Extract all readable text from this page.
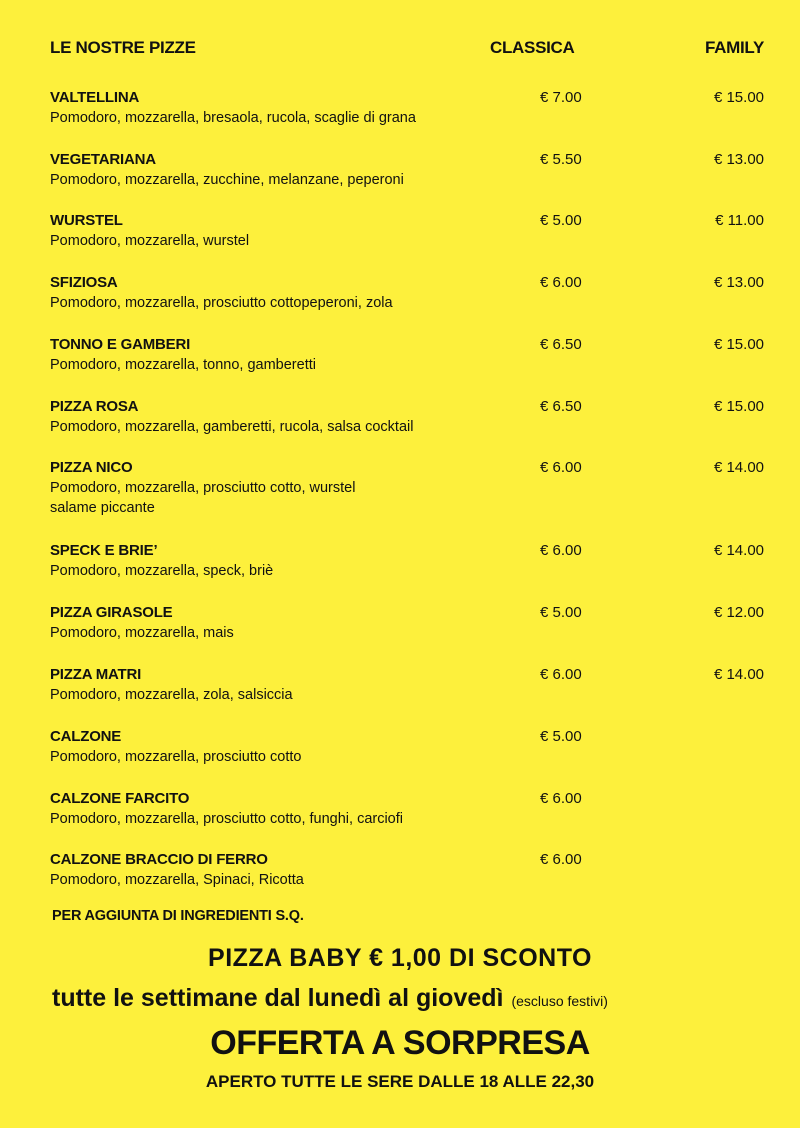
LE NOSTRE PIZZE	CLASSICA	FAMILY
VALTELLINA
Pomodoro, mozzarella, bresaola, rucola, scaglie di grana
€ 7.00	€ 15.00
VEGETARIANA
Pomodoro, mozzarella, zucchine, melanzane, peperoni
€ 5.50	€ 13.00
WURSTEL
Pomodoro, mozzarella, wurstel
€ 5.00	€ 11.00
SFIZIOSA
Pomodoro, mozzarella, prosciutto cottopeperoni, zola
€ 6.00	€ 13.00
TONNO E GAMBERI
Pomodoro, mozzarella, tonno, gamberetti
€ 6.50	€ 15.00
PIZZA ROSA
Pomodoro, mozzarella, gamberetti, rucola, salsa cocktail
€ 6.50	€ 15.00
PIZZA NICO
Pomodoro, mozzarella, prosciutto cotto, wurstel
salame piccante
€ 6.00	€ 14.00
SPECK E BRIE’
Pomodoro, mozzarella, speck, briè
€ 6.00	€ 14.00
PIZZA GIRASOLE
Pomodoro, mozzarella, mais
€ 5.00	€ 12.00
PIZZA MATRI
Pomodoro, mozzarella, zola, salsiccia
€ 6.00	€ 14.00
CALZONE
Pomodoro, mozzarella, prosciutto cotto
€ 5.00
CALZONE FARCITO
Pomodoro, mozzarella, prosciutto cotto, funghi, carciofi
€ 6.00
CALZONE BRACCIO DI FERRO
Pomodoro, mozzarella, Spinaci, Ricotta
€ 6.00
PER AGGIUNTA DI INGREDIENTI S.Q.
PIZZA BABY € 1,00 DI SCONTO
tutte le settimane dal lunedì al giovedì (escluso festivi)
OFFERTA A SORPRESA
APERTO TUTTE LE SERE DALLE 18 ALLE 22,30
